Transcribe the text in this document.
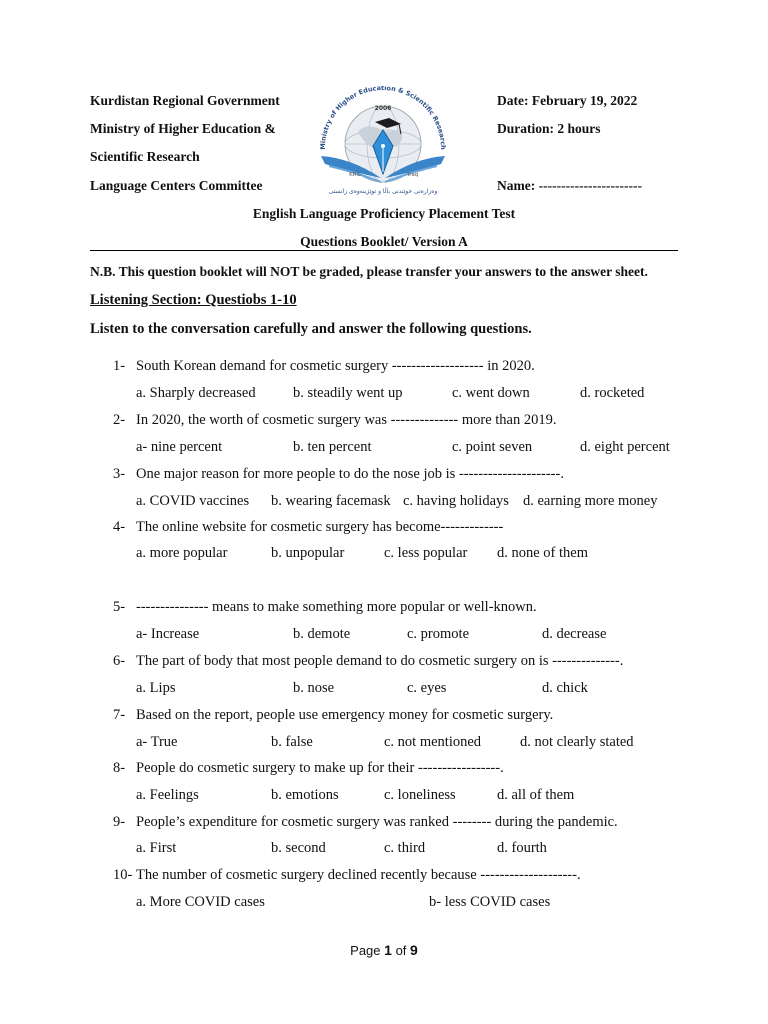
Kurdistan Regional Government
Ministry of Higher Education &
Scientific Research
Language Centers Committee
Date: February 19, 2022
Duration: 2 hours
Name: -----------------------
Ministry of Higher Education & Scientific Research
2006
KRG	Iraq
وەزارەتی خوێندنی باڵا و توێژینەوەی زانستی
English Language Proficiency Placement Test
Questions Booklet/ Version A
N.B. This question booklet will NOT be graded, please transfer your answers to the answer sheet.
Listening Section: Questiobs 1-10
Listen to the conversation carefully and answer the following questions.
1- South Korean demand for cosmetic surgery ------------------- in 2020.
a. Sharply decreased	b. steadily went up	c. went down	d. rocketed
2- In 2020, the worth of cosmetic surgery was -------------- more than 2019.
a- nine percent	b. ten percent	c. point seven	d. eight percent
3- One major reason for more people to do the nose job is ---------------------.
a. COVID vaccines b. wearing facemask c. having holidays d. earning more money
4- The online website for cosmetic surgery has become-------------
a. more popular	b. unpopular	c. less popular d. none of them
5- --------------- means to make something more popular or well-known.
a- Increase	b. demote	c. promote	d. decrease
6- The part of body that most people demand to do cosmetic surgery on is --------------.
a. Lips	b. nose	c. eyes	d. chick
7- Based on the report, people use emergency money for cosmetic surgery.
a- True	b. false	c. not mentioned	d. not clearly stated
8- People do cosmetic surgery to make up for their -----------------.
a. Feelings	b. emotions	c. loneliness	d. all of them
9- People’s expenditure for cosmetic surgery was ranked -------- during the pandemic.
a. First	b. second	c. third	d. fourth
10- The number of cosmetic surgery declined recently because --------------------.
a. More COVID cases	b- less COVID cases
Page 1 of 9
